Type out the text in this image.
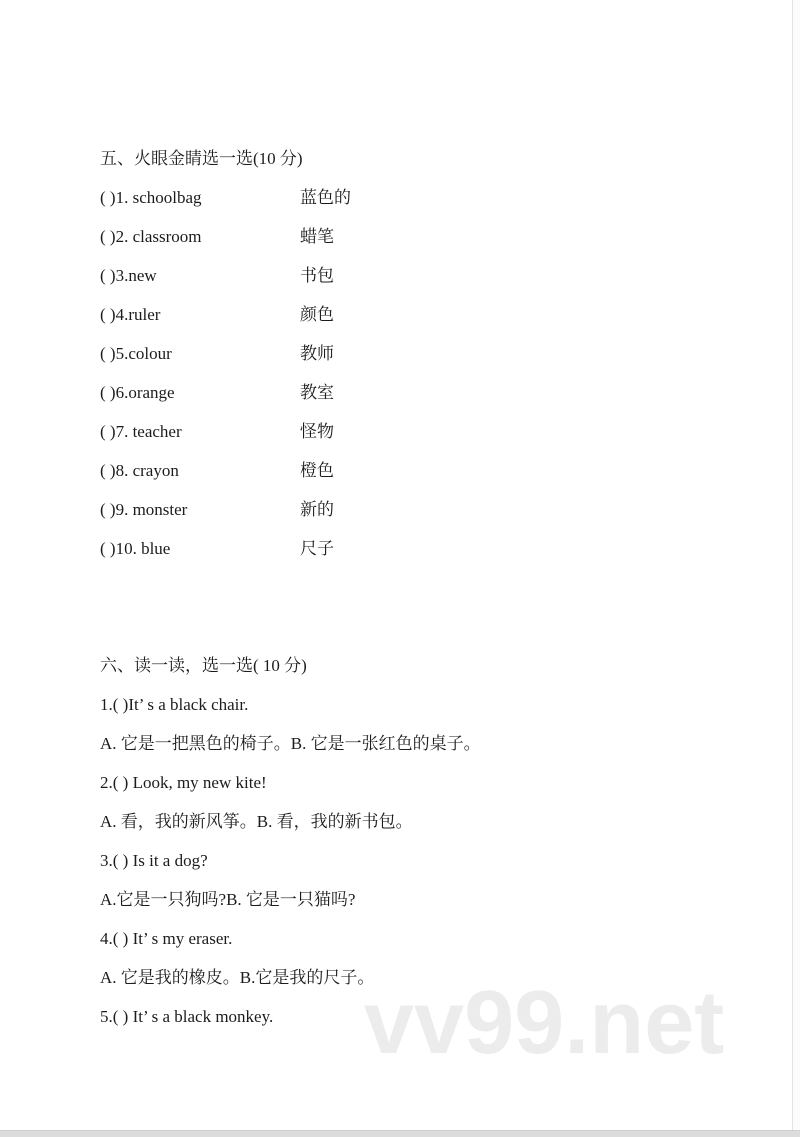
vv99.net
五、火眼金睛选一选(10 分)
( )1. schoolbag	蓝色的
( )2. classroom	蜡笔
( )3.new	书包
( )4.ruler	颜色
( )5.colour	教师
( )6.orange	教室
( )7. teacher	怪物
( )8. crayon	橙色
( )9. monster	新的
( )10. blue	尺子
六、读一读，选一选( 10 分)
1.( )It’ s a black chair.
A. 它是一把黑色的椅子。B. 它是一张红色的桌子。
2.( ) Look, my new kite!
A. 看，我的新风筝。B. 看，我的新书包。
3.( ) Is it a dog?
A.它是一只狗吗?B. 它是一只猫吗?
4.( ) It’ s my eraser.
A. 它是我的橡皮。B.它是我的尺子。
5.( ) It’ s a black monkey.
